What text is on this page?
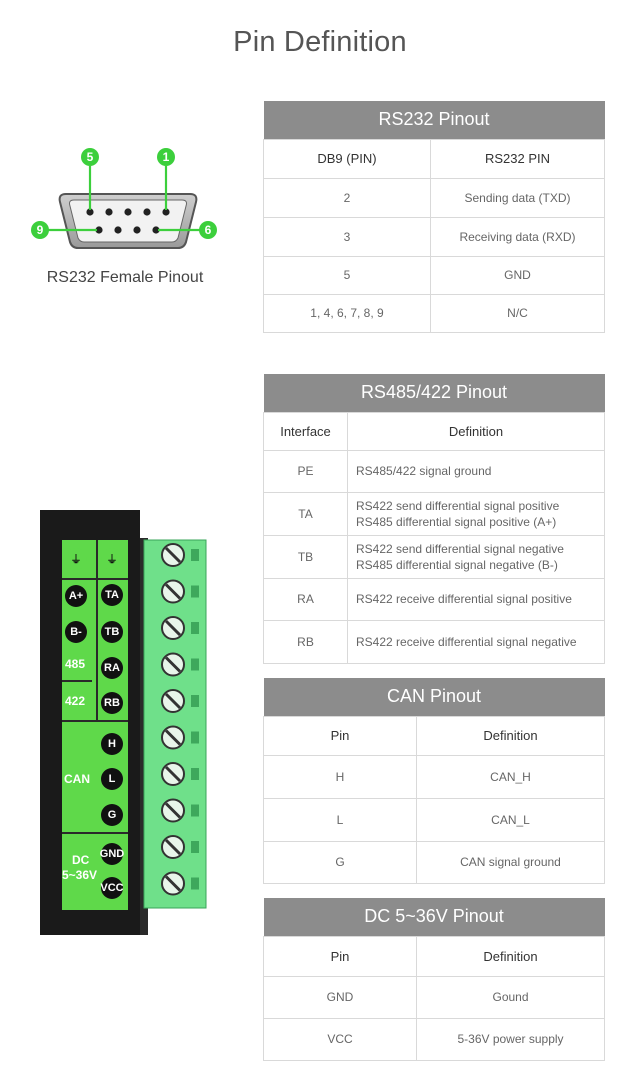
Pin Definition
5	1
9	6
RS232 Female Pinout
RS232 Pinout	
DB9 (PIN)	RS232 PIN
2	Sending data (TXD)
3	Receiving data (RXD)
5	GND
1, 4, 6, 7, 8, 9	N/C
RS485/422 Pinout	
Interface	Definition
PE	RS485/422 signal ground

TA	RS422 send differential signal positive
RS485 differential signal positive (A+)

TB	RS422 send differential signal negative
RS485 differential signal negative (B-)

RA	RS422 receive differential signal positive

RB	RS422 receive differential signal negative
CAN Pinout	
Pin	Definition
H	CAN_H
L	CAN_L
G	CAN signal ground
DC 5~36V Pinout	
Pin	Definition
GND	Gound
VCC	5-36V power supply
⏚	⏚
A+
B-
TA
TB
RA
RB
H
L
G
GND
VCC
485
422
CAN
DC
5~36V
